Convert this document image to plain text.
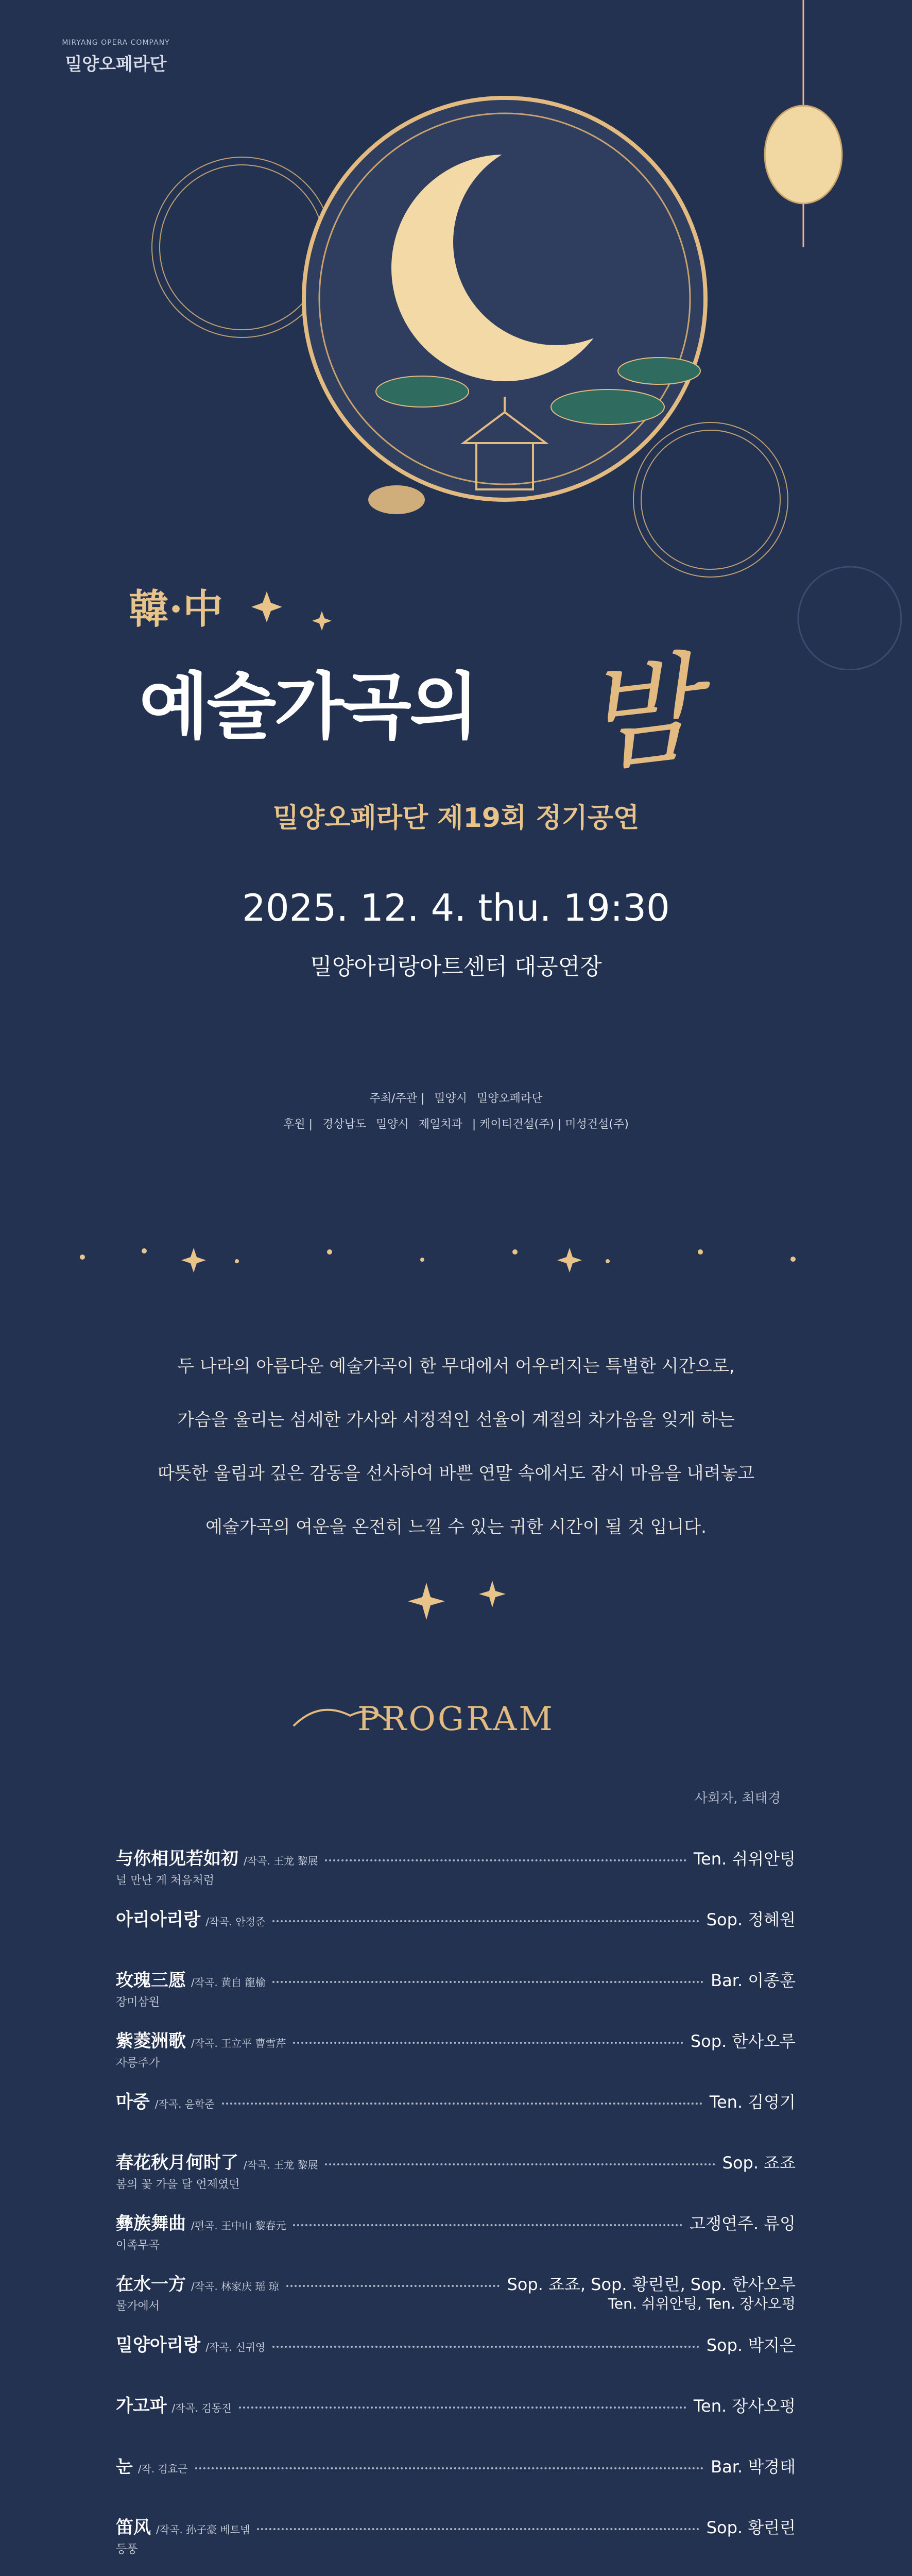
MIRYANG OPERA COMPANY
밀양오페라단
韓·中
예술가곡의 밤
밀양오페라단 제19회 정기공연
2025. 12. 4. thu. 19:30
밀양아리랑아트센터 대공연장
주최/주관 | 밀양시 밀양오페라단
후원 | 경상남도 밀양시 제일치과 | 케이티건설(주) | 미성건설(주)

두 나라의 아름다운 예술가곡이 한 무대에서 어우러지는 특별한 시간으로,

가슴을 울리는 섬세한 가사와 서정적인 선율이 계절의 차가움을 잊게 하는

따뜻한 울림과 깊은 감동을 선사하여 바쁜 연말 속에서도 잠시 마음을 내려놓고

예술가곡의 여운을 온전히 느낄 수 있는 귀한 시간이 될 것 입니다.

PROGRAM
사회자, 최태경
与你相见若如初 /작곡. 王龙 黎展	Ten. 쉬위안팅
널 만난 게 처음처럼
아리아리랑 /작곡. 안정준	Sop. 정혜원
玫瑰三愿 /작곡. 黄自 龍榆	Bar. 이종훈
장미삼원
紫菱洲歌 /작곡. 王立平 曹雪芹	Sop. 한사오루
자릉주가
마중 /작곡. 윤학준	Ten. 김영기
春花秋月何时了 /작곡. 王龙 黎展	Sop. 죠죠
봄의 꽃 가을 달 언제였던
彝族舞曲 /편곡. 王中山 黎春元	고쟁연주. 류잉
이족무곡
在水一方 /작곡. 林家庆 瑶 琼	Sop. 죠죠, Sop. 황린린, Sop. 한사오루
물가에서	Ten. 쉬위안팅, Ten. 장사오펑
밀양아리랑 /작곡. 신귀영	Sop. 박지은
가고파 /작곡. 김동진	Ten. 장사오펑
눈 /작. 김효근	Bar. 박경태
笛风 /작곡. 孙子豪 베트넴	Sop. 황린린
등풍
